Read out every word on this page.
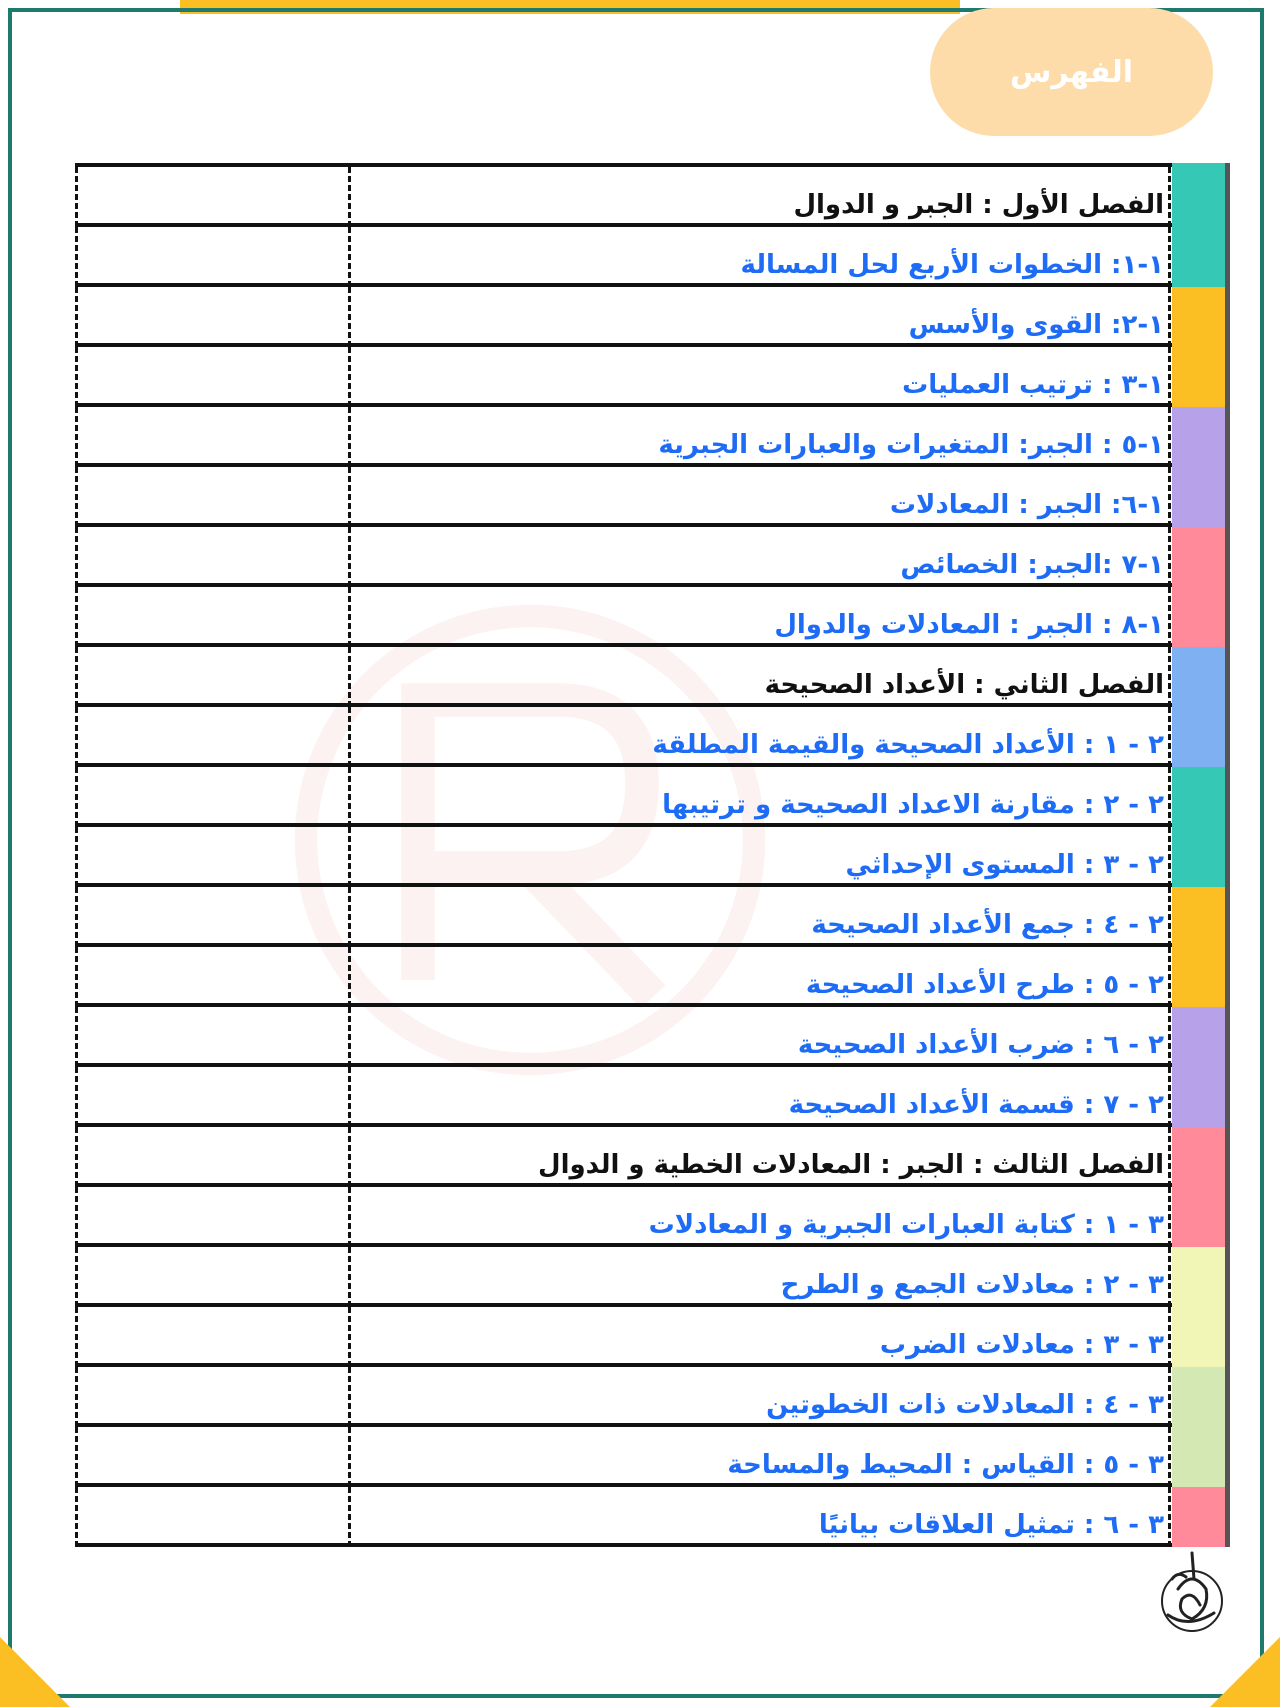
الفهرس
الفصل الأول : الجبر و الدوال
١-١: الخطوات الأربع لحل المسالة
١-٢: القوى والأسس
١-٣ : ترتيب العمليات
١-٥ : الجبر: المتغيرات والعبارات الجبرية
١-٦: الجبر : المعادلات
١-٧ :الجبر: الخصائص
١-٨ : الجبر : المعادلات والدوال
الفصل الثاني : الأعداد الصحيحة
٢ - ١ : الأعداد الصحيحة والقيمة المطلقة
٢ - ٢ : مقارنة الاعداد الصحيحة و ترتيبها
٢ - ٣ : المستوى الإحداثي
٢ - ٤ : جمع الأعداد الصحيحة
٢ - ٥ : طرح الأعداد الصحيحة
٢ - ٦ : ضرب الأعداد الصحيحة
٢ - ٧ : قسمة الأعداد الصحيحة
الفصل الثالث : الجبر : المعادلات الخطية و الدوال
٣ - ١ : كتابة العبارات الجبرية و المعادلات
٣ - ٢ : معادلات الجمع و الطرح
٣ - ٣ : معادلات الضرب
٣ - ٤ : المعادلات ذات الخطوتين
٣ - ٥ : القياس : المحيط والمساحة
٣ - ٦ : تمثيل العلاقات بيانيًا
